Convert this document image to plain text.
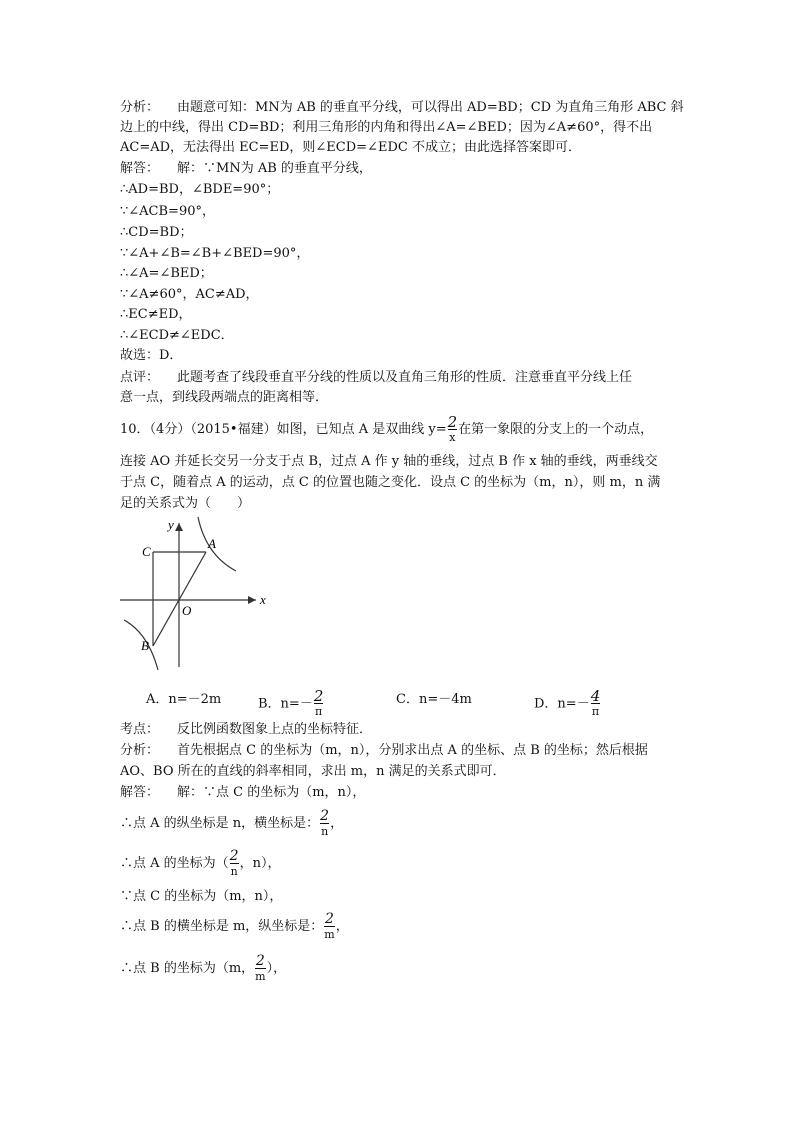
分析： 由题意可知：MN为 AB 的垂直平分线，可以得出 AD=BD；CD 为直角三角形 ABC 斜
边上的中线，得出 CD=BD；利用三角形的内角和得出∠A=∠BED；因为∠A≠60°，得不出
AC=AD，无法得出 EC=ED，则∠ECD=∠EDC 不成立；由此选择答案即可．
解答： 解：∵MN为 AB 的垂直平分线，
∴AD=BD，∠BDE=90°；
∵∠ACB=90°，
∴CD=BD；
∵∠A+∠B=∠B+∠BED=90°，
∴∠A=∠BED；
∵∠A≠60°，AC≠AD，
∴EC≠ED，
∴∠ECD≠∠EDC．
故选：D．
点评： 此题考查了线段垂直平分线的性质以及直角三角形的性质．注意垂直平分线上任
意一点，到线段两端点的距离相等．
10．（4分）（2015•福建）如图，已知点 A 是双曲线 $y= \frac{2}{x}$ 在第一象限的分支上的一个动点，
连接 AO 并延长交另一分支于点 B，过点 A 作 y 轴的垂线，过点 B 作 x 轴的垂线，两垂线交
于点 C，随着点 A 的运动，点 C 的位置也随之变化．设点 C 的坐标为（m，n），则 m，n 满
足的关系式为（　　）
x
y
O
A
B
C
A．n=－2m	B．$n=- \frac{2}{\pi}$	C．n=－4m	D．$n=- \frac{4}{\pi}$
考点： 反比例函数图象上点的坐标特征．
分析： 首先根据点 C 的坐标为（m，n），分别求出点 A 的坐标、点 B 的坐标；然后根据
AO、BO 所在的直线的斜率相同，求出 m，n 满足的关系式即可．
解答： 解：∵点 C 的坐标为（m，n），
∴点 A 的纵坐标是 n，横坐标是： $\frac{2}{n}$ ，
∴点 A 的坐标为（ $\frac{2}{n}$ ，n），
∵点 C 的坐标为（m，n），
∴点 B 的横坐标是 m，纵坐标是： $\frac{2}{m}$ ，
∴点 B 的坐标为（m， $\frac{2}{m}$ ），
